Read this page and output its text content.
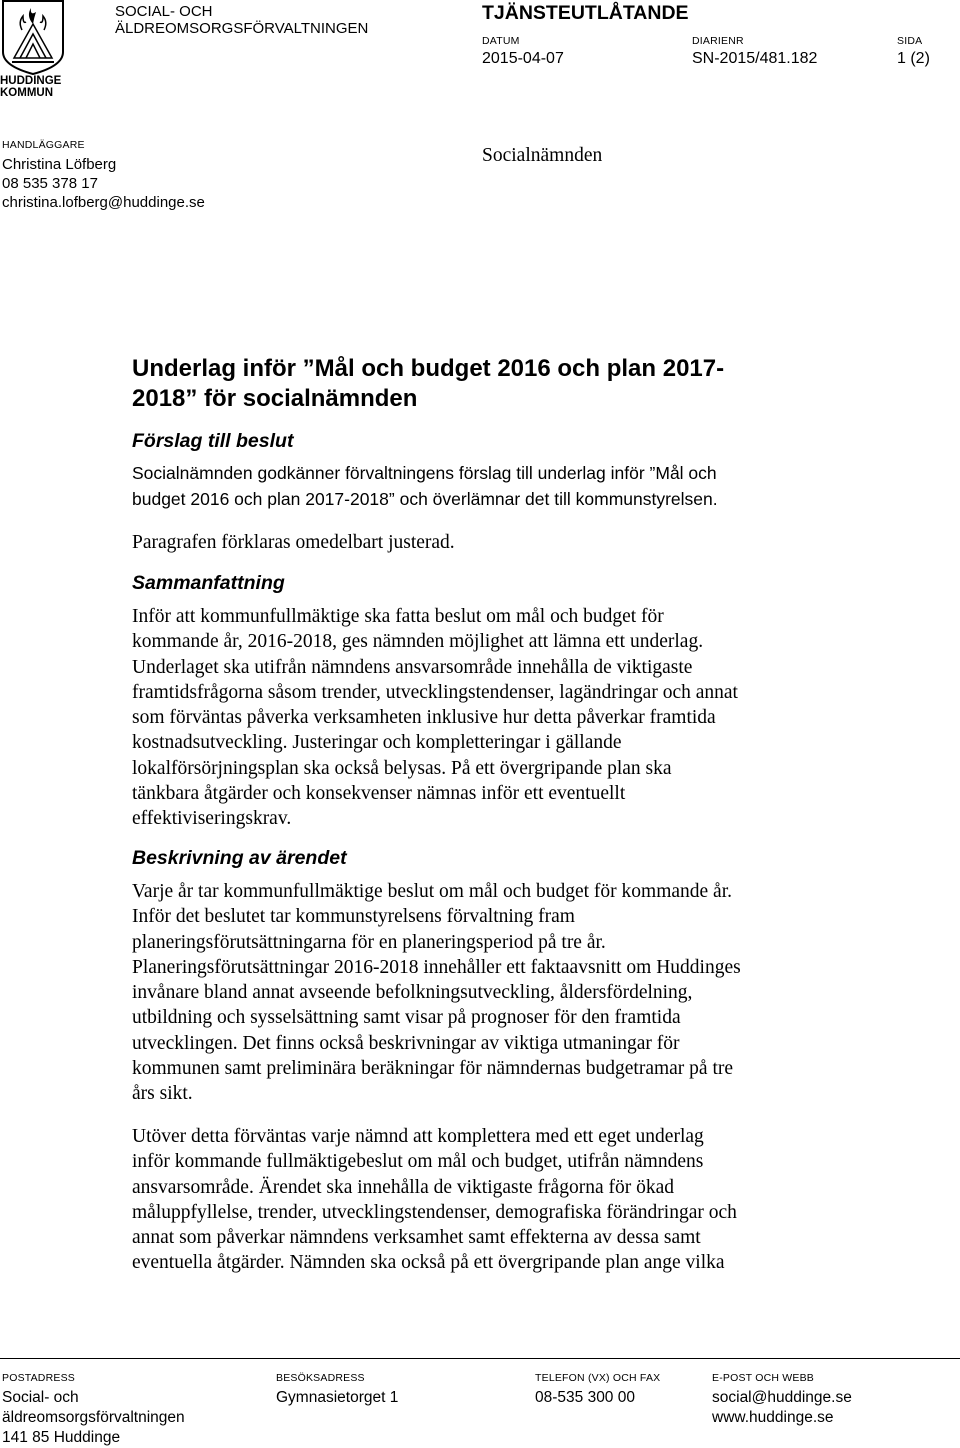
HUDDINGE
KOMMUN
SOCIAL- OCH
ÄLDREOMSORGSFÖRVALTNINGEN
TJÄNSTEUTLÅTANDE
DATUM
2015-04-07
DIARIENR
SN-2015/481.182
SIDA
1 (2)
HANDLÄGGARE
Christina Löfberg
08 535 378 17
christina.lofberg@huddinge.se
Socialnämnden
Underlag inför ”Mål och budget 2016 och plan 2017-
2018” för socialnämnden
Förslag till beslut
Socialnämnden godkänner förvaltningens förslag till underlag inför ”Mål och
budget 2016 och plan 2017-2018” och överlämnar det till kommunstyrelsen.
Paragrafen förklaras omedelbart justerad.
Sammanfattning
Inför att kommunfullmäktige ska fatta beslut om mål och budget för
kommande år, 2016-2018, ges nämnden möjlighet att lämna ett underlag.
Underlaget ska utifrån nämndens ansvarsområde innehålla de viktigaste
framtidsfrågorna såsom trender, utvecklingstendenser, lagändringar och annat
som förväntas påverka verksamheten inklusive hur detta påverkar framtida
kostnadsutveckling. Justeringar och kompletteringar i gällande
lokalförsörjningsplan ska också belysas. På ett övergripande plan ska
tänkbara åtgärder och konsekvenser nämnas inför ett eventuellt
effektiviseringskrav.
Beskrivning av ärendet
Varje år tar kommunfullmäktige beslut om mål och budget för kommande år.
Inför det beslutet tar kommunstyrelsens förvaltning fram
planeringsförutsättningarna för en planeringsperiod på tre år.
Planeringsförutsättningar 2016-2018 innehåller ett faktaavsnitt om Huddinges
invånare bland annat avseende befolkningsutveckling, åldersfördelning,
utbildning och sysselsättning samt visar på prognoser för den framtida
utvecklingen. Det finns också beskrivningar av viktiga utmaningar för
kommunen samt preliminära beräkningar för nämndernas budgetramar på tre
års sikt.
Utöver detta förväntas varje nämnd att komplettera med ett eget underlag
inför kommande fullmäktigebeslut om mål och budget, utifrån nämndens
ansvarsområde. Ärendet ska innehålla de viktigaste frågorna för ökad
måluppfyllelse, trender, utvecklingstendenser, demografiska förändringar och
annat som påverkar nämndens verksamhet samt effekterna av dessa samt
eventuella åtgärder. Nämnden ska också på ett övergripande plan ange vilka
POSTADRESS
Social- och
äldreomsorgsförvaltningen
141 85 Huddinge
BESÖKSADRESS
Gymnasietorget 1
TELEFON (VX) OCH FAX
08-535 300 00
E-POST OCH WEBB
social@huddinge.se
www.huddinge.se
